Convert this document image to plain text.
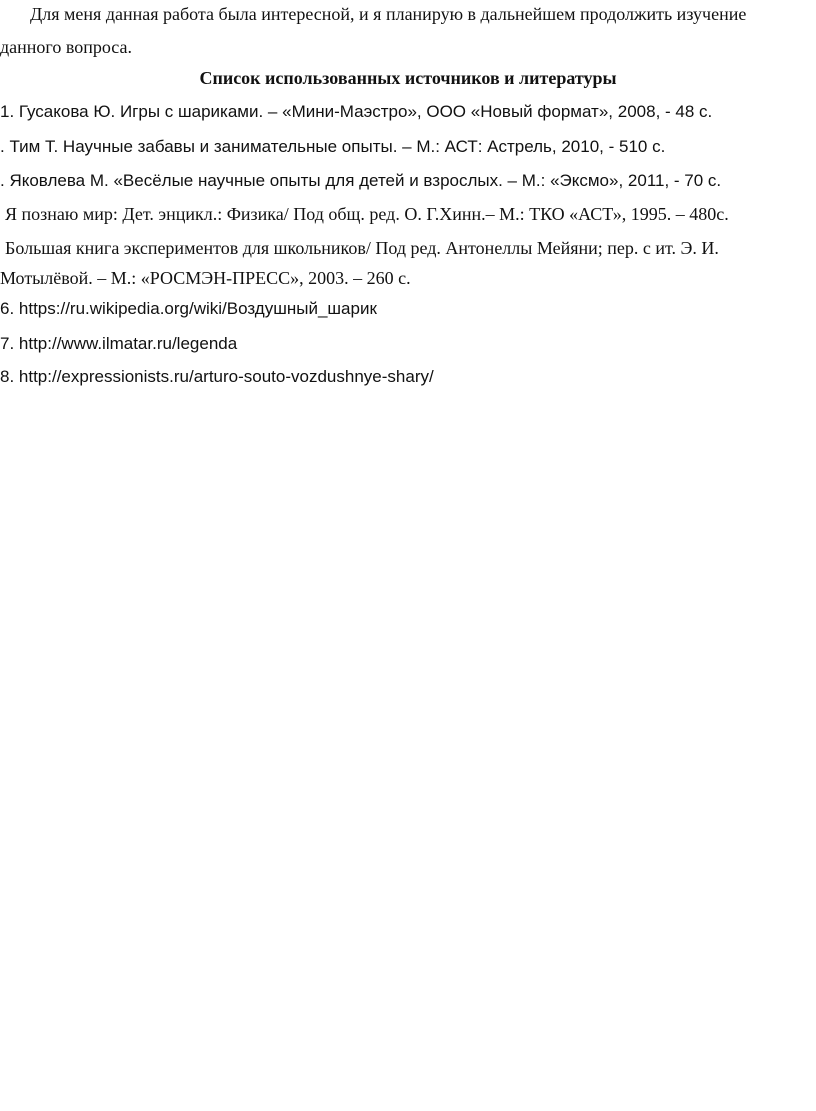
Для меня данная работа была интересной, и я планирую в дальнейшем продолжить изучение
данного вопроса.
Список использованных источников и литературы
1. Гусакова Ю. Игры с шариками. – «Мини-Маэстро», ООО «Новый формат», 2008, - 48 с.
. Тим Т. Научные забавы и занимательные опыты. – М.: АСТ: Астрель, 2010, - 510 с.
. Яковлева М. «Весёлые научные опыты для детей и взрослых. – М.: «Эксмо», 2011, - 70 с.
Я познаю мир: Дет. энцикл.: Физика/ Под общ. ред. О. Г.Хинн.– М.: ТКО «АСТ», 1995. – 480с.
Большая книга экспериментов для школьников/ Под ред. Антонеллы Мейяни; пер. с ит. Э. И.
Мотылёвой. – М.: «РОСМЭН-ПРЕСС», 2003. – 260 с.
6. https://ru.wikipedia.org/wiki/Воздушный_шарик
7. http://www.ilmatar.ru/legenda
8. http://expressionists.ru/arturo-souto-vozdushnye-shary/
